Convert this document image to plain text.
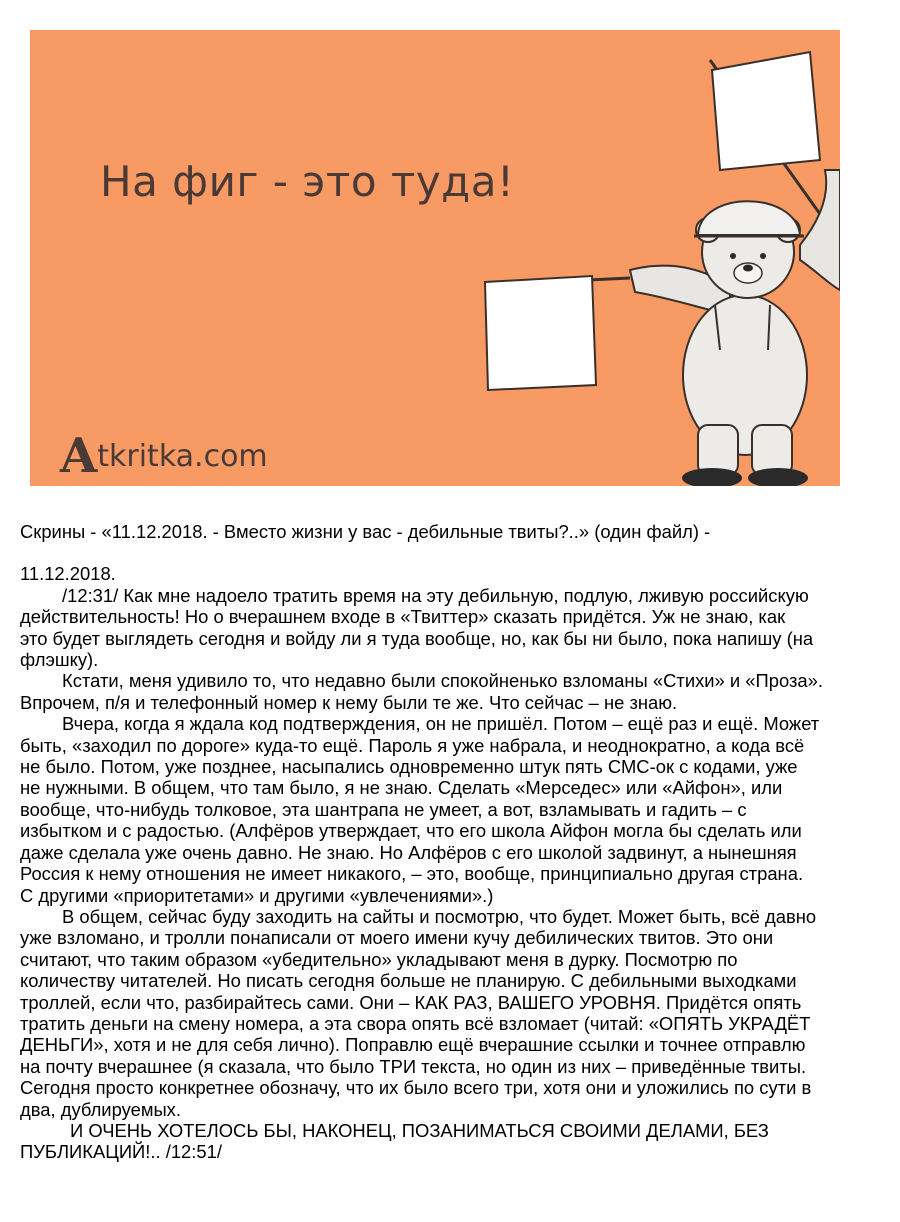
На фиг - это туда!
Atkritka.com
Скрины - «11.12.2018. - Вместо жизни у вас - дебильные твиты?..» (один файл) -
11.12.2018.
/12:31/ Как мне надоело тратить время на эту дебильную, подлую, лживую российскую
действительность! Но о вчерашнем входе в «Твиттер» сказать придётся. Уж не знаю, как
это будет выглядеть сегодня и войду ли я туда вообще, но, как бы ни было, пока напишу (на
флэшку).
Кстати, меня удивило то, что недавно были спокойненько взломаны «Стихи» и «Проза».
Впрочем, п/я и телефонный номер к нему были те же. Что сейчас – не знаю.
Вчера, когда я ждала код подтверждения, он не пришёл. Потом – ещё раз и ещё. Может
быть, «заходил по дороге» куда-то ещё. Пароль я уже набрала, и неоднократно, а кода всё
не было. Потом, уже позднее, насыпались одновременно штук пять СМС-ок с кодами, уже
не нужными. В общем, что там было, я не знаю. Сделать «Мерседес» или «Айфон», или
вообще, что-нибудь толковое, эта шантрапа не умеет, а вот, взламывать и гадить – с
избытком и с радостью. (Алфёров утверждает, что его школа Айфон могла бы сделать или
даже сделала уже очень давно. Не знаю. Но Алфёров с его школой задвинут, а нынешняя
Россия к нему отношения не имеет никакого, – это, вообще, принципиально другая страна.
С другими «приоритетами» и другими «увлечениями».)
В общем, сейчас буду заходить на сайты и посмотрю, что будет. Может быть, всё давно
уже взломано, и тролли понаписали от моего имени кучу дебилических твитов. Это они
считают, что таким образом «убедительно» укладывают меня в дурку. Посмотрю по
количеству читателей. Но писать сегодня больше не планирую. С дебильными выходками
троллей, если что, разбирайтесь сами. Они – КАК РАЗ, ВАШЕГО УРОВНЯ. Придётся опять
тратить деньги на смену номера, а эта свора опять всё взломает (читай: «ОПЯТЬ УКРАДЁТ
ДЕНЬГИ», хотя и не для себя лично). Поправлю ещё вчерашние ссылки и точнее отправлю
на почту вчерашнее (я сказала, что было ТРИ текста, но один из них – приведённые твиты.
Сегодня просто конкретнее обозначу, что их было всего три, хотя они и уложились по сути в
два, дублируемых.
И ОЧЕНЬ ХОТЕЛОСЬ БЫ, НАКОНЕЦ, ПОЗАНИМАТЬСЯ СВОИМИ ДЕЛАМИ, БЕЗ
ПУБЛИКАЦИЙ!.. /12:51/
